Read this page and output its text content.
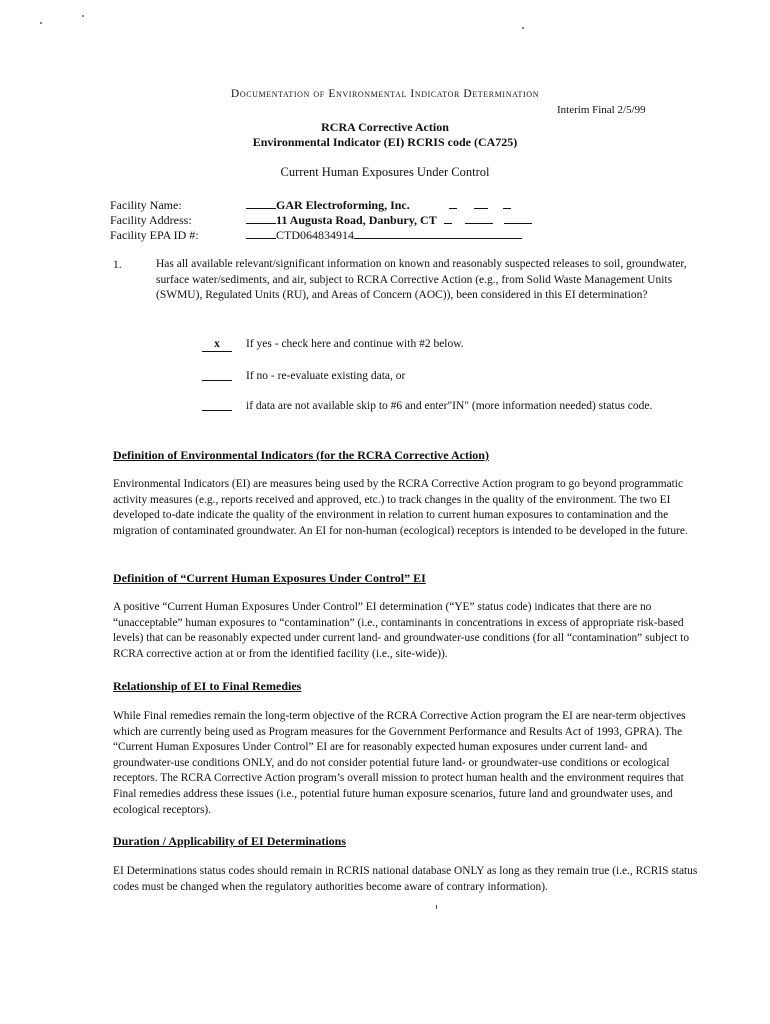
Documentation of Environmental Indicator Determination
Interim Final 2/5/99
RCRA Corrective Action
Environmental Indicator (EI) RCRIS code (CA725)
Current Human Exposures Under Control
Facility Name:	GAR Electroforming, Inc.
Facility Address:	11 Augusta Road, Danbury, CT
Facility EPA ID #:	CTD064834914
1.	Has all available relevant/significant information on known and reasonably suspected releases to soil, groundwater, surface water/sediments, and air, subject to RCRA Corrective Action (e.g., from Solid Waste Management Units (SWMU), Regulated Units (RU), and Areas of Concern (AOC)), been considered in this EI determination?
x	If yes - check here and continue with #2 below.
If no - re-evaluate existing data, or
if data are not available skip to #6 and enter"IN" (more information needed) status code.
Definition of Environmental Indicators (for the RCRA Corrective Action)
Environmental Indicators (EI) are measures being used by the RCRA Corrective Action program to go beyond programmatic activity measures (e.g., reports received and approved, etc.) to track changes in the quality of the environment. The two EI developed to-date indicate the quality of the environment in relation to current human exposures to contamination and the migration of contaminated groundwater. An EI for non-human (ecological) receptors is intended to be developed in the future.
Definition of “Current Human Exposures Under Control” EI
A positive “Current Human Exposures Under Control” EI determination (“YE” status code) indicates that there are no “unacceptable” human exposures to “contamination” (i.e., contaminants in concentrations in excess of appropriate risk-based levels) that can be reasonably expected under current land- and groundwater-use conditions (for all “contamination” subject to RCRA corrective action at or from the identified facility (i.e., site-wide)).
Relationship of EI to Final Remedies
While Final remedies remain the long-term objective of the RCRA Corrective Action program the EI are near-term objectives which are currently being used as Program measures for the Government Performance and Results Act of 1993, GPRA). The “Current Human Exposures Under Control” EI are for reasonably expected human exposures under current land- and groundwater-use conditions ONLY, and do not consider potential future land- or groundwater-use conditions or ecological receptors. The RCRA Corrective Action program’s overall mission to protect human health and the environment requires that Final remedies address these issues (i.e., potential future human exposure scenarios, future land and groundwater uses, and ecological receptors).
Duration / Applicability of EI Determinations
EI Determinations status codes should remain in RCRIS national database ONLY as long as they remain true (i.e., RCRIS status codes must be changed when the regulatory authorities become aware of contrary information).
